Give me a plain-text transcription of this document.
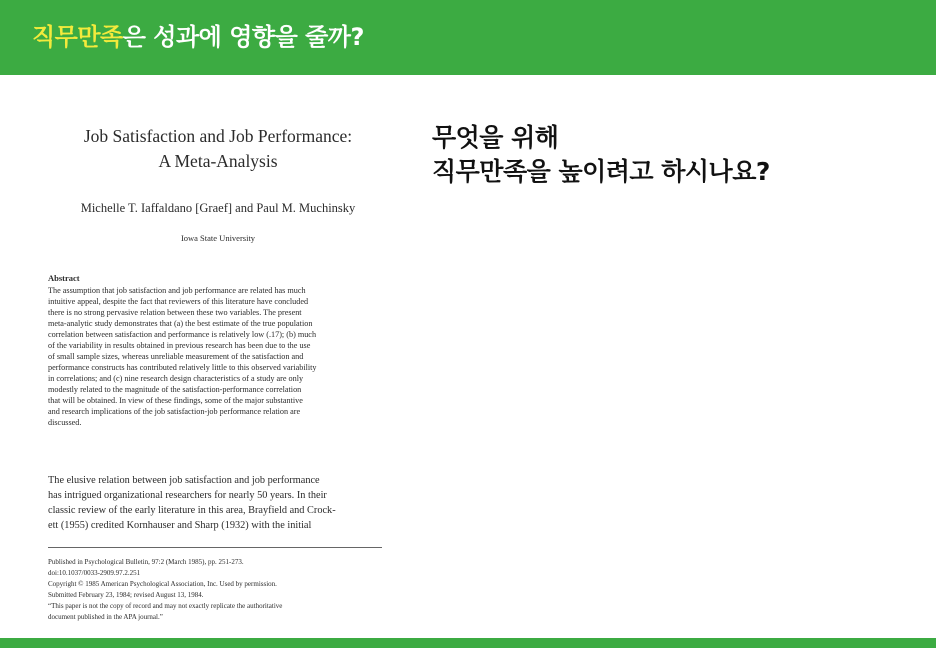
직무만족은 성과에 영향을 줄까?
Job Satisfaction and Job Performance:
A Meta-Analysis
Michelle T. Iaffaldano [Graef] and Paul M. Muchinsky
Iowa State University
Abstract
The assumption that job satisfaction and job performance are related has much
intuitive appeal, despite the fact that reviewers of this literature have concluded
there is no strong pervasive relation between these two variables. The present
meta-analytic study demonstrates that (a) the best estimate of the true population
correlation between satisfaction and performance is relatively low (.17); (b) much
of the variability in results obtained in previous research has been due to the use
of small sample sizes, whereas unreliable measurement of the satisfaction and
performance constructs has contributed relatively little to this observed variability
in correlations; and (c) nine research design characteristics of a study are only
modestly related to the magnitude of the satisfaction-performance correlation
that will be obtained. In view of these findings, some of the major substantive
and research implications of the job satisfaction-job performance relation are
discussed.
The elusive relation between job satisfaction and job performance
has intrigued organizational researchers for nearly 50 years. In their
classic review of the early literature in this area, Brayfield and Crock-
ett (1955) credited Kornhauser and Sharp (1932) with the initial
Published in Psychological Bulletin, 97:2 (March 1985), pp. 251-273.
doi:10.1037/0033-2909.97.2.251
Copyright © 1985 American Psychological Association, Inc. Used by permission.
Submitted February 23, 1984; revised August 13, 1984.
“This paper is not the copy of record and may not exactly replicate the authoritative
document published in the APA journal.”
무엇을 위해
직무만족을 높이려고 하시나요?
